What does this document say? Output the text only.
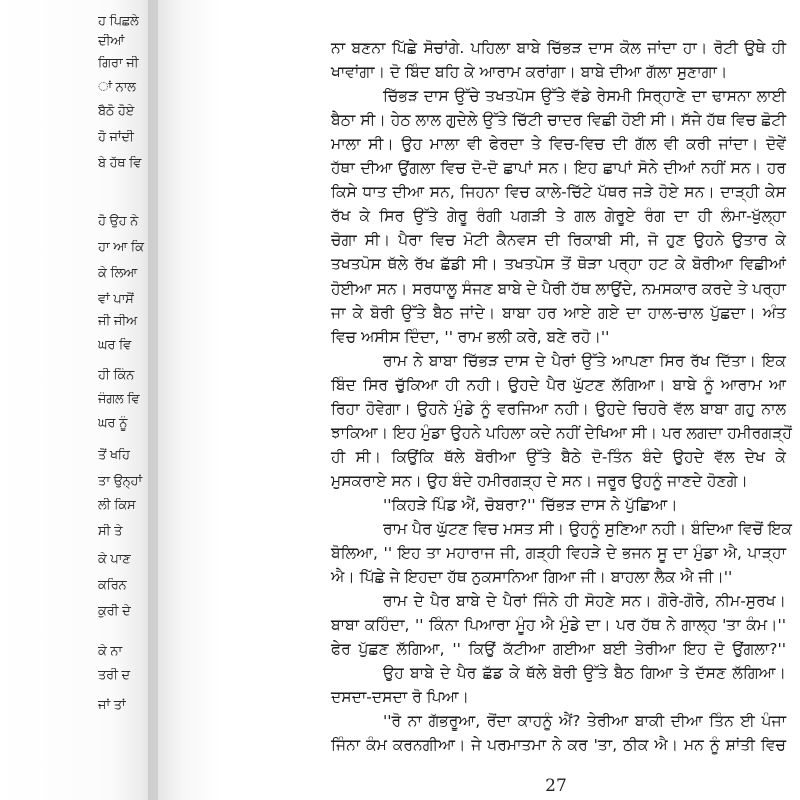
ਹ ਪਿਛਲੇ
ਦੀਆਂ
ਗਿਰਾ ਜੀ
ਾਂ ਨਾਲ
ਬੈਠੋ ਹੋਏ
ਹੋ ਜਾਂਦੀ
ਬੇ ਹੱਥ ਵਿ
ਹੋ ਉਹ ਨੇ
ਹਾ ਆ ਕਿ
ਕੇ ਲਿਆ
ਵਾਂ ਪਾਸੋਂ
ਜੀ ਜੀਅ
ਘਰ ਵਿ
ਹੀ ਕਿੰਨ
ਜੰਗਲ ਵਿ
ਘਰ ਨੂੰ
ਤੋਂ ਖਹਿ
ਤਾ ਉਨ੍ਹਾਂ
ਲੀ ਕਿਸ
ਸੀ ਤੇ
ਕੇ ਪਾਣ
ਕਰਿਨ
ਕੁਰੀ ਦੇ
ਕੇ ਨਾ
ਤਰੀ ਦ
ਜਾਂ ਤਾਂ
ਨਾ ਬਣਨਾ ਪਿੱਛੇ ਸੋਚਾਂਗੇ. ਪਹਿਲਾ ਬਾਬੇ ਚਿੱਭੜ ਦਾਸ ਕੋਲ ਜਾਂਦਾ ਹਾ। ਰੋਟੀ ਉਥੇ ਹੀ
ਖਾਵਾਂਗਾ। ਦੋ ਬਿੰਦ ਬਹਿ ਕੇ ਆਰਾਮ ਕਰਾਂਗਾ। ਬਾਬੇ ਦੀਆ ਗੱਲਾ ਸੁਣਾਗਾ।
ਚਿੱਭੜ ਦਾਸ ਉੱਚੇ ਤਖਤਪੋਸ ਉੱਤੇ ਵੱਡੇ ਰੇਸਮੀ ਸਿਰ੍ਹਾਣੇ ਦਾ ਢਾਸਨਾ ਲਾਈ
ਬੈਠਾ ਸੀ। ਹੇਠ ਲਾਲ ਗੁਦੇਲੇ ਉੱਤੇ ਚਿੱਟੀ ਚਾਦਰ ਵਿਛੀ ਹੋਈ ਸੀ। ਸੱਜੇ ਹੱਥ ਵਿਚ ਛੋਟੀ
ਮਾਲਾ ਸੀ। ਉਹ ਮਾਲਾ ਵੀ ਫੇਰਦਾ ਤੇ ਵਿਚ-ਵਿਚ ਦੀ ਗੱਲ ਵੀ ਕਰੀ ਜਾਂਦਾ। ਦੋਵੇਂ
ਹੱਥਾ ਦੀਆ ਉਂਗਲਾ ਵਿਚ ਦੋ-ਦੋ ਛਾਪਾਂ ਸਨ। ਇਹ ਛਾਪਾਂ ਸੋਨੇ ਦੀਆਂ ਨਹੀਂ ਸਨ। ਹਰ
ਕਿਸੇ ਧਾਤ ਦੀਆ ਸਨ, ਜਿਹਨਾ ਵਿਚ ਕਾਲੇ-ਚਿੱਟੇ ਪੱਥਰ ਜੜੇ ਹੋਏ ਸਨ। ਦਾੜ੍ਹੀ ਕੇਸ
ਰੱਖ ਕੇ ਸਿਰ ਉੱਤੇ ਗੇਰੂ ਰੰਗੀ ਪਗੜੀ ਤੇ ਗਲ ਗੇਰੂਏ ਰੰਗ ਦਾ ਹੀ ਲੰਮਾ-ਖੁੱਲ੍ਹਾ
ਚੋਗਾ ਸੀ। ਪੈਰਾ ਵਿਚ ਮੋਟੀ ਕੈਨਵਸ ਦੀ ਰਿਕਾਬੀ ਸੀ, ਜੋ ਹੁਣ ਉਹਨੇ ਉਤਾਰ ਕੇ
ਤਖਤਪੋਸ ਥੱਲੇ ਰੱਖ ਛੱਡੀ ਸੀ। ਤਖਤਪੋਸ ਤੋਂ ਥੋੜਾ ਪਰ੍ਹਾ ਹਟ ਕੇ ਬੋਰੀਆ ਵਿਛੀਆਂ
ਹੋਈਆ ਸਨ। ਸਰਧਾਲੂ ਸੰਜਣ ਬਾਬੇ ਦੇ ਪੈਰੀ ਹੱਥ ਲਾਉਂਦੇ, ਨਮਸਕਾਰ ਕਰਦੇ ਤੇ ਪਰ੍ਹਾ
ਜਾ ਕੇ ਬੋਰੀ ਉੱਤੇ ਬੈਠ ਜਾਂਦੇ। ਬਾਬਾ ਹਰ ਆਏ ਗਏ ਦਾ ਹਾਲ-ਚਾਲ ਪੁੱਛਦਾ। ਅੰਤ
ਵਿਚ ਅਸੀਸ ਦਿੰਦਾ, '' ਰਾਮ ਭਲੀ ਕਰੇ, ਬਣੇ ਰਹੋ।''
ਰਾਮ ਨੇ ਬਾਬਾ ਚਿੱਭੜ ਦਾਸ ਦੇ ਪੈਰਾਂ ਉੱਤੇ ਆਪਣਾ ਸਿਰ ਰੱਖ ਦਿੱਤਾ। ਇਕ
ਬਿੰਦ ਸਿਰ ਚੁੱਕਿਆ ਹੀ ਨਹੀ। ਉਹਦੇ ਪੈਰ ਘੁੱਟਣ ਲੱਗਿਆ। ਬਾਬੇ ਨੂੰ ਆਰਾਮ ਆ
ਰਿਹਾ ਹੋਵੇਗਾ। ਉਹਨੇ ਮੁੰਡੇ ਨੂੰ ਵਰਜਿਆ ਨਹੀ। ਉਹਦੇ ਚਿਹਰੇ ਵੱਲ ਬਾਬਾ ਗਹੁ ਨਾਲ
ਝਾਕਿਆ। ਇਹ ਮੁੰਡਾ ਉਹਨੇ ਪਹਿਲਾ ਕਦੇ ਨਹੀਂ ਦੇਖਿਆ ਸੀ। ਪਰ ਲਗਦਾ ਹਮੀਰਗੜ੍ਹੋਂ
ਹੀ ਸੀ। ਕਿਉਂਕਿ ਥੱਲੇ ਬੋਰੀਆ ਉੱਤੇ ਬੈਠੇ ਦੋ-ਤਿੰਨ ਬੰਦੇ ਉਹਦੇ ਵੱਲ ਦੇਖ ਕੇ
ਮੁਸਕਰਾਏ ਸਨ। ਉਹ ਬੰਦੇ ਹਮੀਰਗੜ੍ਹ ਦੇ ਸਨ। ਜਰੂਰ ਉਹਨੂੰ ਜਾਣਦੇ ਹੋਣਗੇ।
''ਕਿਹੜੇ ਪਿੰਡ ਐਂ, ਚੋਬਰਾ?'' ਚਿੱਭੜ ਦਾਸ ਨੇ ਪੁੱਛਿਆ।
ਰਾਮ ਪੈਰ ਘੁੱਟਣ ਵਿਚ ਮਸਤ ਸੀ। ਉਹਨੂੰ ਸੁਣਿਆ ਨਹੀ। ਬੰਦਿਆ ਵਿਚੋਂ ਇਕ
ਬੋਲਿਆ, '' ਇਹ ਤਾ ਮਹਾਰਾਜ ਜੀ, ਗੜ੍ਹੀ ਵਿਹੜੇ ਦੇ ਭਜਨ ਸੂ ਦਾ ਮੁੰਡਾ ਐ, ਪਾੜ੍ਹਾ
ਐ। ਪਿੱਛੇ ਜੇ ਇਹਦਾ ਹੱਥ ਨੁਕਸਾਨਿਆ ਗਿਆ ਜੀ। ਬਾਹਲਾ ਲੈਕ ਐ ਜੀ।''
ਰਾਮ ਦੇ ਪੈਰ ਬਾਬੇ ਦੇ ਪੈਰਾਂ ਜਿੰਨੇ ਹੀ ਸੋਹਣੇ ਸਨ। ਗੋਰੇ-ਗੋਰੇ, ਨੀਮ-ਸੁਰਖ।
ਬਾਬਾ ਕਹਿੰਦਾ, '' ਕਿੰਨਾ ਪਿਆਰਾ ਮੂੰਹ ਐ ਮੁੰਡੇ ਦਾ। ਪਰ ਹੱਥ ਨੇ ਗਾਲ੍ਹ 'ਤਾ ਕੰਮ।''
ਫੇਰ ਪੁੱਛਣ ਲੱਗਿਆ, '' ਕਿਉਂ ਕੱਟੀਆ ਗਈਆ ਬਈ ਤੇਰੀਆ ਇਹ ਦੋ ਉਂਗਲਾ?''
ਉਹ ਬਾਬੇ ਦੇ ਪੈਰ ਛੱਡ ਕੇ ਥੱਲੇ ਬੋਰੀ ਉੱਤੇ ਬੈਠ ਗਿਆ ਤੇ ਦੱਸਣ ਲੱਗਿਆ।
ਦਸਦਾ-ਦਸਦਾ ਰੋ ਪਿਆ।
''ਰੋ ਨਾ ਗੱਭਰੂਆ, ਰੋਂਦਾ ਕਾਹਨੂੰ ਐਂ? ਤੇਰੀਆ ਬਾਕੀ ਦੀਆ ਤਿੰਨ ਈ ਪੰਜਾ
ਜਿੰਨਾ ਕੰਮ ਕਰਨਗੀਆ। ਜੇ ਪਰਮਾਤਮਾ ਨੇ ਕਰ 'ਤਾ, ਠੀਕ ਐ। ਮਨ ਨੂੰ ਸ਼ਾਂਤੀ ਵਿਚ
27
